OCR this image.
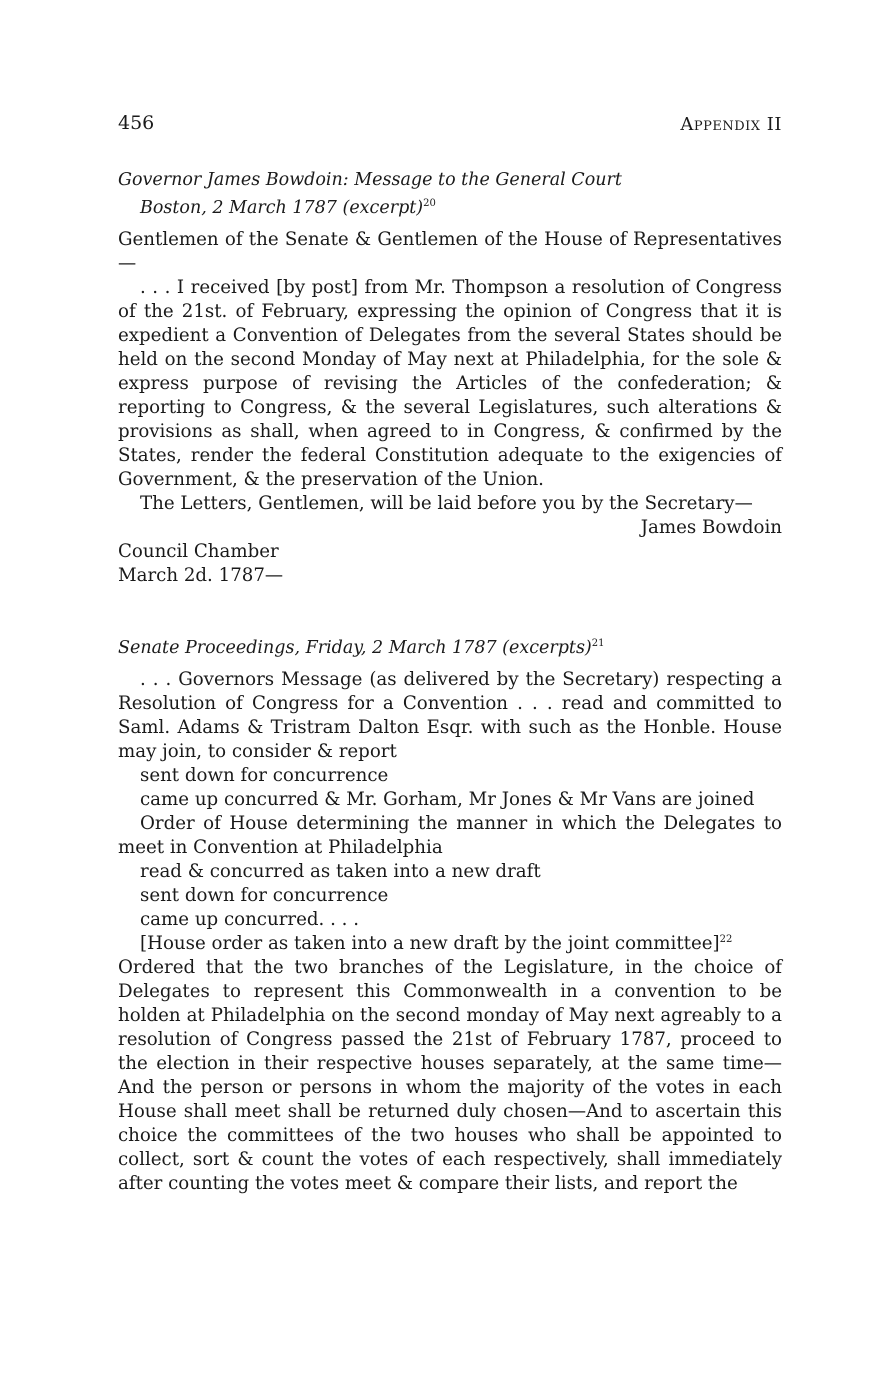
456	Appendix II
Governor James Bowdoin: Message to the General Court
Boston, 2 March 1787 (excerpt)$^{20}$

Gentlemen of the Senate & Gentlemen of the House of Representatives—

. . . I received [by post] from Mr. Thompson a resolution of Congress of the 21st. of February, expressing the opinion of Congress that it is expedient a Convention of Delegates from the several States should be held on the second Monday of May next at Philadelphia, for the sole & express purpose of revising the Articles of the confederation; & reporting to Congress, & the several Legislatures, such alterations & provisions as shall, when agreed to in Congress, & confirmed by the States, render the federal Constitution adequate to the exigencies of Government, & the preservation of the Union.

The Letters, Gentlemen, will be laid before you by the Secretary—

James Bowdoin

Council Chamber

March 2d. 1787—

Senate Proceedings, Friday, 2 March 1787 (excerpts)$^{21}$

. . . Governors Message (as delivered by the Secretary) respecting a Resolution of Congress for a Convention . . . read and committed to Saml. Adams & Tristram Dalton Esqr. with such as the Honble. House may join, to consider & report

sent down for concurrence

came up concurred & Mr. Gorham, Mr Jones & Mr Vans are joined

Order of House determining the manner in which the Delegates to meet in Convention at Philadelphia

read & concurred as taken into a new draft

sent down for concurrence

came up concurred. . . .

[House order as taken into a new draft by the joint committee]$^{22}$

Ordered that the two branches of the Legislature, in the choice of Delegates to represent this Commonwealth in a convention to be holden at Philadelphia on the second monday of May next agreably to a resolution of Congress passed the 21st of February 1787, proceed to the election in their respective houses separately, at the same time—And the person or persons in whom the majority of the votes in each House shall meet shall be returned duly chosen—And to ascertain this choice the committees of the two houses who shall be appointed to collect, sort & count the votes of each respectively, shall immediately after counting the votes meet & compare their lists, and report the
